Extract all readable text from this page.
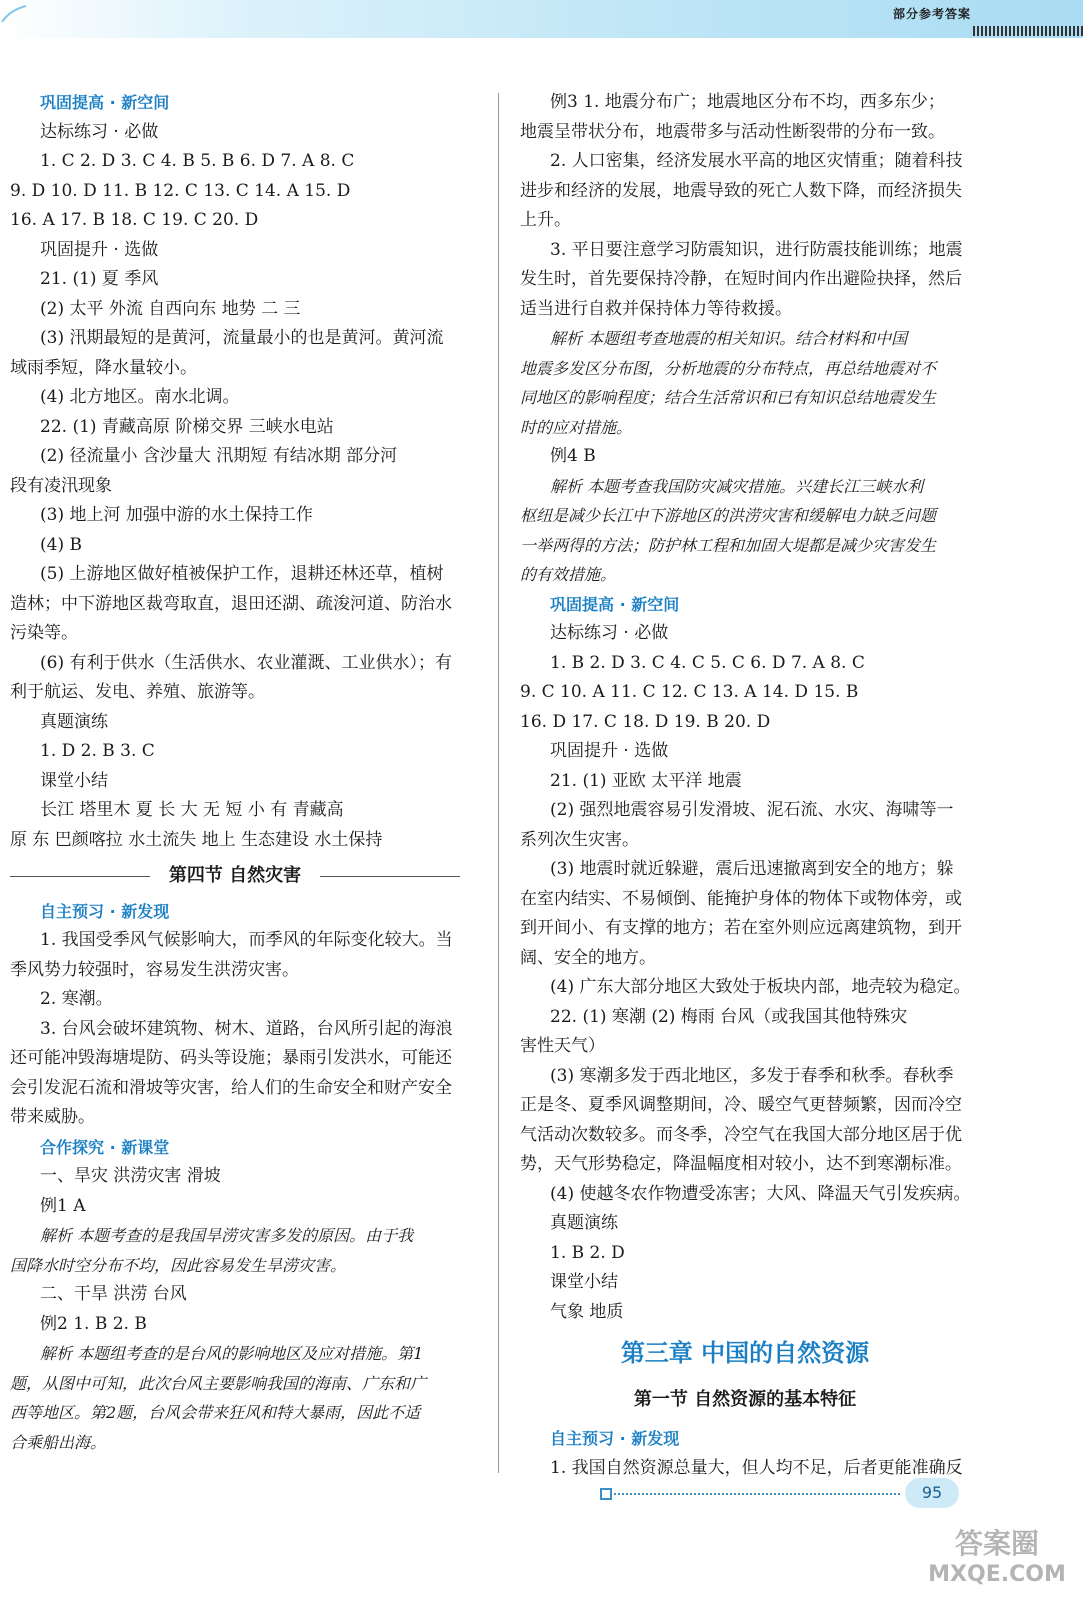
部分参考答案
巩固提高 · 新空间
达标练习 · 必做
1. C 2. D 3. C 4. B 5. B 6. D 7. A 8. C
9. D 10. D 11. B 12. C 13. C 14. A 15. D
16. A 17. B 18. C 19. C 20. D
巩固提升 · 选做
21. (1) 夏 季风
(2) 太平 外流 自西向东 地势 二 三
(3) 汛期最短的是黄河，流量最小的也是黄河。黄河流
域雨季短，降水量较小。
(4) 北方地区。南水北调。
22. (1) 青藏高原 阶梯交界 三峡水电站
(2) 径流量小 含沙量大 汛期短 有结冰期 部分河
段有凌汛现象
(3) 地上河 加强中游的水土保持工作
(4) B
(5) 上游地区做好植被保护工作，退耕还林还草，植树
造林；中下游地区裁弯取直，退田还湖、疏浚河道、防治水
污染等。
(6) 有利于供水（生活供水、农业灌溉、工业供水）；有
利于航运、发电、养殖、旅游等。
真题演练
1. D 2. B 3. C
课堂小结
长江 塔里木 夏 长 大 无 短 小 有 青藏高
原 东 巴颜喀拉 水土流失 地上 生态建设 水土保持
第四节 自然灾害
自主预习 · 新发现
1. 我国受季风气候影响大，而季风的年际变化较大。当
季风势力较强时，容易发生洪涝灾害。
2. 寒潮。
3. 台风会破坏建筑物、树木、道路，台风所引起的海浪
还可能冲毁海塘堤防、码头等设施；暴雨引发洪水，可能还
会引发泥石流和滑坡等灾害，给人们的生命安全和财产安全
带来威胁。
合作探究 · 新课堂
一、旱灾 洪涝灾害 滑坡
例1 A
解析 本题考查的是我国旱涝灾害多发的原因。由于我
国降水时空分布不均，因此容易发生旱涝灾害。
二、干旱 洪涝 台风
例2 1. B 2. B
解析 本题组考查的是台风的影响地区及应对措施。第1
题，从图中可知，此次台风主要影响我国的海南、广东和广
西等地区。第2题，台风会带来狂风和特大暴雨，因此不适
合乘船出海。
例3 1. 地震分布广；地震地区分布不均，西多东少；
地震呈带状分布，地震带多与活动性断裂带的分布一致。
2. 人口密集，经济发展水平高的地区灾情重；随着科技
进步和经济的发展，地震导致的死亡人数下降，而经济损失
上升。
3. 平日要注意学习防震知识，进行防震技能训练；地震
发生时，首先要保持冷静，在短时间内作出避险抉择，然后
适当进行自救并保持体力等待救援。
解析 本题组考查地震的相关知识。结合材料和中国
地震多发区分布图，分析地震的分布特点，再总结地震对不
同地区的影响程度；结合生活常识和已有知识总结地震发生
时的应对措施。
例4 B
解析 本题考查我国防灾减灾措施。兴建长江三峡水利
枢纽是减少长江中下游地区的洪涝灾害和缓解电力缺乏问题
一举两得的方法；防护林工程和加固大堤都是减少灾害发生
的有效措施。
巩固提高 · 新空间
达标练习 · 必做
1. B 2. D 3. C 4. C 5. C 6. D 7. A 8. C
9. C 10. A 11. C 12. C 13. A 14. D 15. B
16. D 17. C 18. D 19. B 20. D
巩固提升 · 选做
21. (1) 亚欧 太平洋 地震
(2) 强烈地震容易引发滑坡、泥石流、水灾、海啸等一
系列次生灾害。
(3) 地震时就近躲避，震后迅速撤离到安全的地方；躲
在室内结实、不易倾倒、能掩护身体的物体下或物体旁，或
到开间小、有支撑的地方；若在室外则应远离建筑物，到开
阔、安全的地方。
(4) 广东大部分地区大致处于板块内部，地壳较为稳定。
22. (1) 寒潮 (2) 梅雨 台风（或我国其他特殊灾
害性天气）
(3) 寒潮多发于西北地区，多发于春季和秋季。春秋季
正是冬、夏季风调整期间，冷、暖空气更替频繁，因而冷空
气活动次数较多。而冬季，冷空气在我国大部分地区居于优
势，天气形势稳定，降温幅度相对较小，达不到寒潮标准。
(4) 使越冬农作物遭受冻害；大风、降温天气引发疾病。
真题演练
1. B 2. D
课堂小结
气象 地质
第三章 中国的自然资源
第一节 自然资源的基本特征
自主预习 · 新发现
1. 我国自然资源总量大，但人均不足，后者更能准确反
95
答案圈
MXQE.COM
